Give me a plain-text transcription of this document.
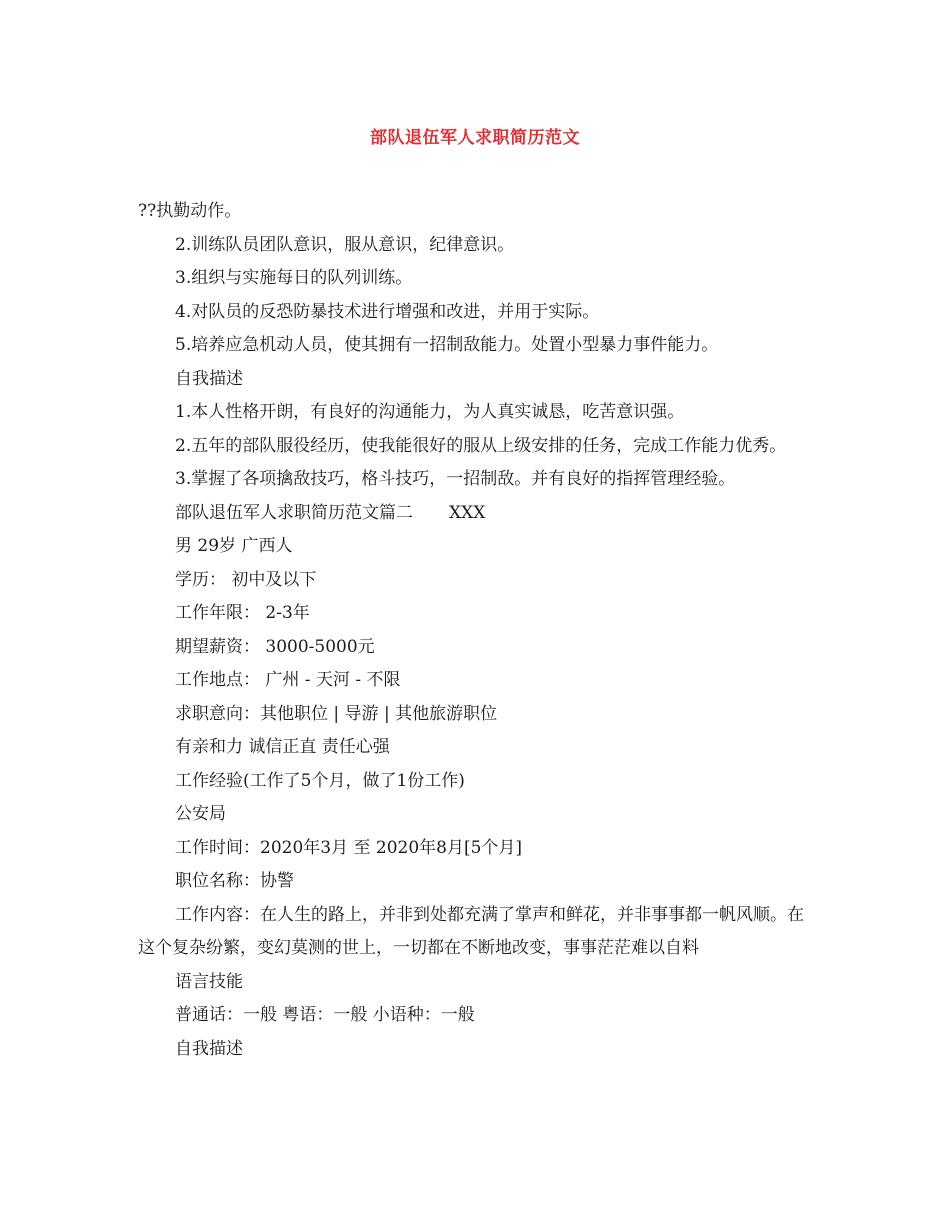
部队退伍军人求职简历范文
??执勤动作。
2.训练队员团队意识，服从意识，纪律意识。
3.组织与实施每日的队列训练。
4.对队员的反恐防暴技术进行增强和改进，并用于实际。
5.培养应急机动人员，使其拥有一招制敌能力。处置小型暴力事件能力。
自我描述
1.本人性格开朗，有良好的沟通能力，为人真实诚恳，吃苦意识强。
2.五年的部队服役经历，使我能很好的服从上级安排的任务，完成工作能力优秀。
3.掌握了各项擒敌技巧，格斗技巧，一招制敌。并有良好的指挥管理经验。
部队退伍军人求职简历范文篇二 XXX
男 29岁 广西人
学历： 初中及以下
工作年限： 2-3年
期望薪资： 3000-5000元
工作地点： 广州 - 天河 - 不限
求职意向：其他职位 | 导游 | 其他旅游职位
有亲和力 诚信正直 责任心强
工作经验(工作了5个月，做了1份工作)
公安局
工作时间：2020年3月 至 2020年8月[5个月]
职位名称：协警
工作内容：在人生的路上，并非到处都充满了掌声和鲜花，并非事事都一帆风顺。在这个复杂纷繁，变幻莫测的世上，一切都在不断地改变，事事茫茫难以自料
语言技能
普通话：一般 粤语：一般 小语种：一般
自我描述
